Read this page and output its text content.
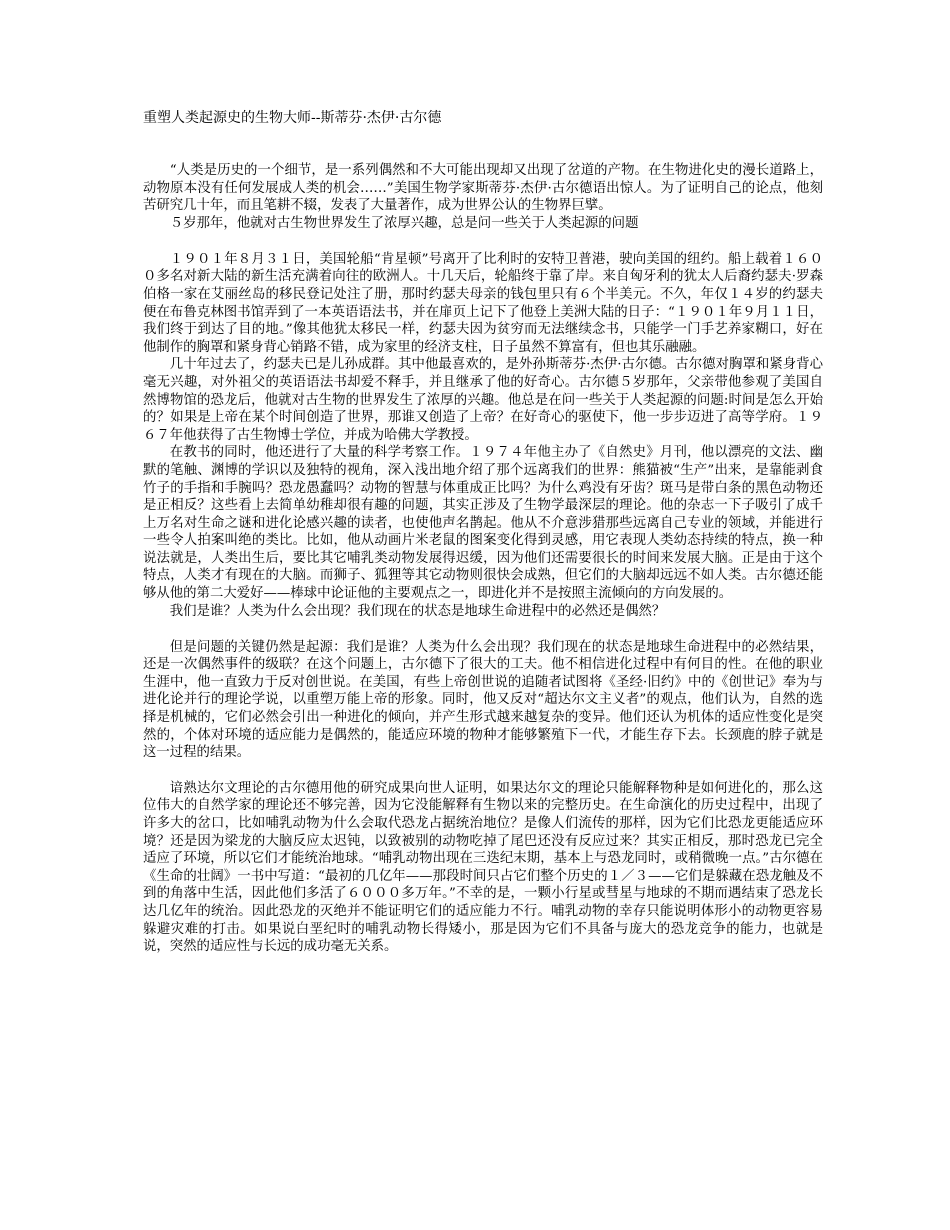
重塑人类起源史的生物大师--斯蒂芬·杰伊·古尔德

“人类是历史的一个细节，是一系列偶然和不大可能出现却又出现了岔道的产物。在生物进化史的漫长道路上，动物原本没有任何发展成人类的机会……”美国生物学家斯蒂芬·杰伊·古尔德语出惊人。为了证明自己的论点，他刻苦研究几十年，而且笔耕不辍，发表了大量著作，成为世界公认的生物界巨擘。

５岁那年，他就对古生物世界发生了浓厚兴趣，总是问一些关于人类起源的问题

１９０１年８月３１日，美国轮船“肯星顿”号离开了比利时的安特卫普港，驶向美国的纽约。船上载着１６００多名对新大陆的新生活充满着向往的欧洲人。十几天后，轮船终于靠了岸。来自匈牙利的犹太人后裔约瑟夫·罗森伯格一家在艾丽丝岛的移民登记处注了册，那时约瑟夫母亲的钱包里只有６个半美元。不久，年仅１４岁的约瑟夫便在布鲁克林图书馆弄到了一本英语语法书，并在扉页上记下了他登上美洲大陆的日子：“１９０１年９月１１日，我们终于到达了目的地。”像其他犹太移民一样，约瑟夫因为贫穷而无法继续念书，只能学一门手艺养家糊口，好在他制作的胸罩和紧身背心销路不错，成为家里的经济支柱，日子虽然不算富有，但也其乐融融。

几十年过去了，约瑟夫已是儿孙成群。其中他最喜欢的，是外孙斯蒂芬·杰伊·古尔德。古尔德对胸罩和紧身背心毫无兴趣，对外祖父的英语语法书却爱不释手，并且继承了他的好奇心。古尔德５岁那年，父亲带他参观了美国自然博物馆的恐龙后，他就对古生物的世界发生了浓厚的兴趣。他总是在问一些关于人类起源的问题:时间是怎么开始的？如果是上帝在某个时间创造了世界，那谁又创造了上帝？在好奇心的驱使下，他一步步迈进了高等学府。１９６７年他获得了古生物博士学位，并成为哈佛大学教授。

在教书的同时，他还进行了大量的科学考察工作。１９７４年他主办了《自然史》月刊，他以漂亮的文法、幽默的笔触、渊博的学识以及独特的视角，深入浅出地介绍了那个远离我们的世界：熊猫被“生产”出来，是靠能剥食竹子的手指和手腕吗？恐龙愚蠢吗？动物的智慧与体重成正比吗？为什么鸡没有牙齿？斑马是带白条的黑色动物还是正相反？这些看上去简单幼稚却很有趣的问题，其实正涉及了生物学最深层的理论。他的杂志一下子吸引了成千上万名对生命之谜和进化论感兴趣的读者，也使他声名鹊起。他从不介意涉猎那些远离自己专业的领域，并能进行一些令人拍案叫绝的类比。比如，他从动画片米老鼠的图案变化得到灵感，用它表现人类幼态持续的特点，换一种说法就是，人类出生后，要比其它哺乳类动物发展得迟缓，因为他们还需要很长的时间来发展大脑。正是由于这个特点，人类才有现在的大脑。而狮子、狐狸等其它动物则很快会成熟，但它们的大脑却远远不如人类。古尔德还能够从他的第二大爱好——棒球中论证他的主要观点之一，即进化并不是按照主流倾向的方向发展的。

我们是谁？人类为什么会出现？我们现在的状态是地球生命进程中的必然还是偶然？

但是问题的关键仍然是起源：我们是谁？人类为什么会出现？我们现在的状态是地球生命进程中的必然结果，还是一次偶然事件的级联？在这个问题上，古尔德下了很大的工夫。他不相信进化过程中有何目的性。在他的职业生涯中，他一直致力于反对创世说。在美国，有些上帝创世说的追随者试图将《圣经·旧约》中的《创世记》奉为与进化论并行的理论学说，以重塑万能上帝的形象。同时，他又反对“超达尔文主义者”的观点，他们认为，自然的选择是机械的，它们必然会引出一种进化的倾向，并产生形式越来越复杂的变异。他们还认为机体的适应性变化是突然的，个体对环境的适应能力是偶然的，能适应环境的物种才能够繁殖下一代，才能生存下去。长颈鹿的脖子就是这一过程的结果。

谙熟达尔文理论的古尔德用他的研究成果向世人证明，如果达尔文的理论只能解释物种是如何进化的，那么这位伟大的自然学家的理论还不够完善，因为它没能解释有生物以来的完整历史。在生命演化的历史过程中，出现了许多大的岔口，比如哺乳动物为什么会取代恐龙占据统治地位？是像人们流传的那样，因为它们比恐龙更能适应环境？还是因为梁龙的大脑反应太迟钝，以致被别的动物吃掉了尾巴还没有反应过来？其实正相反，那时恐龙已完全适应了环境，所以它们才能统治地球。“哺乳动物出现在三迭纪末期，基本上与恐龙同时，或稍微晚一点。”古尔德在《生命的壮阔》一书中写道：“最初的几亿年——那段时间只占它们整个历史的１／３——它们是躲藏在恐龙触及不到的角落中生活，因此他们多活了６０００多万年。”不幸的是，一颗小行星或彗星与地球的不期而遇结束了恐龙长达几亿年的统治。因此恐龙的灭绝并不能证明它们的适应能力不行。哺乳动物的幸存只能说明体形小的动物更容易躲避灾难的打击。如果说白垩纪时的哺乳动物长得矮小，那是因为它们不具备与庞大的恐龙竞争的能力，也就是说，突然的适应性与长远的成功毫无关系。
